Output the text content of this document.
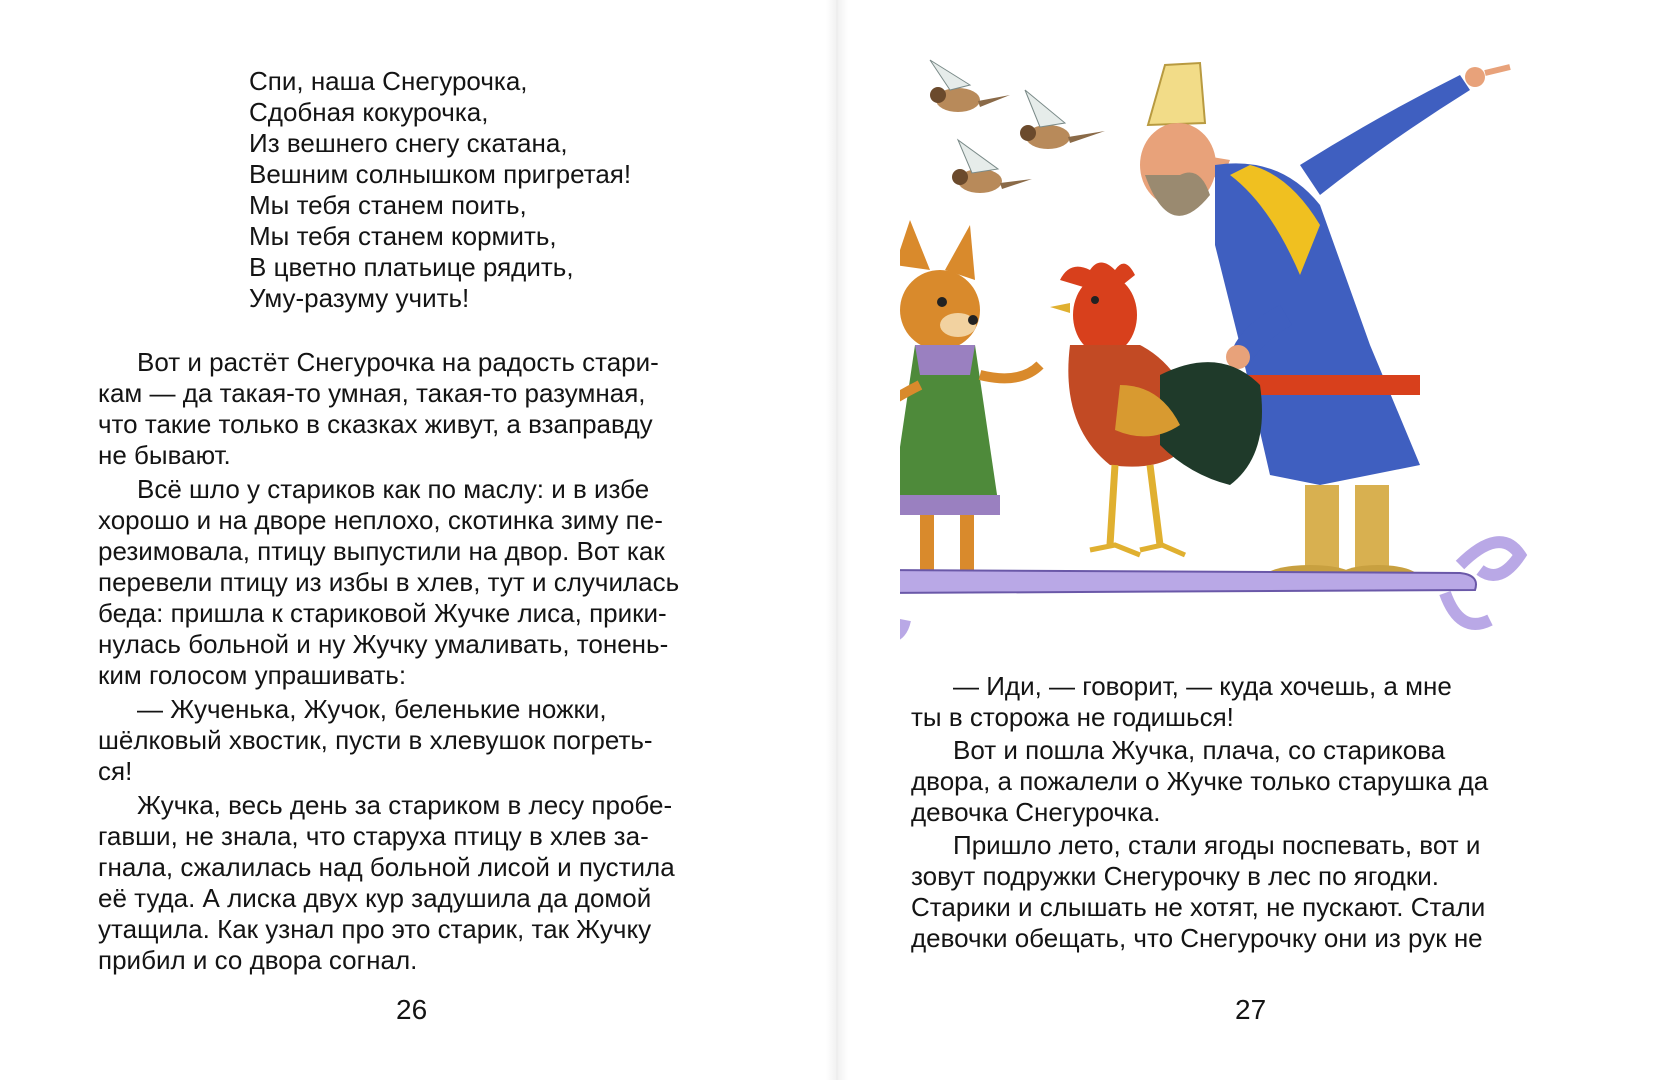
Спи, наша Снегурочка,
Сдобная кокурочка,
Из вешнего снегу скатана,
Вешним солнышком пригретая!
Мы тебя станем поить,
Мы тебя станем кормить,
В цветно платьице рядить,
Уму-разуму учить!
Вот и растёт Снегурочка на радость стари-
кам — да такая-то умная, такая-то разумная,
что такие только в сказках живут, а взаправду
не бывают.
Всё шло у стариков как по маслу: и в избе
хорошо и на дворе неплохо, скотинка зиму пе-
резимовала, птицу выпустили на двор. Вот как
перевели птицу из избы в хлев, тут и случилась
беда: пришла к стариковой Жучке лиса, прики-
нулась больной и ну Жучку умаливать, тонень-
ким голосом упрашивать:
— Жученька, Жучок, беленькие ножки,
шёлковый хвостик, пусти в хлевушок погреть-
ся!
Жучка, весь день за стариком в лесу пробе-
гавши, не знала, что старуха птицу в хлев за-
гнала, сжалилась над больной лисой и пустила
её туда. А лиска двух кур задушила да домой
утащила. Как узнал про это старик, так Жучку
прибил и со двора согнал.
26
— Иди, — говорит, — куда хочешь, а мне
ты в сторожа не годишься!
Вот и пошла Жучка, плача, со старикова
двора, а пожалели о Жучке только старушка да
девочка Снегурочка.
Пришло лето, стали ягоды поспевать, вот и
зовут подружки Снегурочку в лес по ягодки.
Старики и слышать не хотят, не пускают. Стали
девочки обещать, что Снегурочку они из рук не
27
